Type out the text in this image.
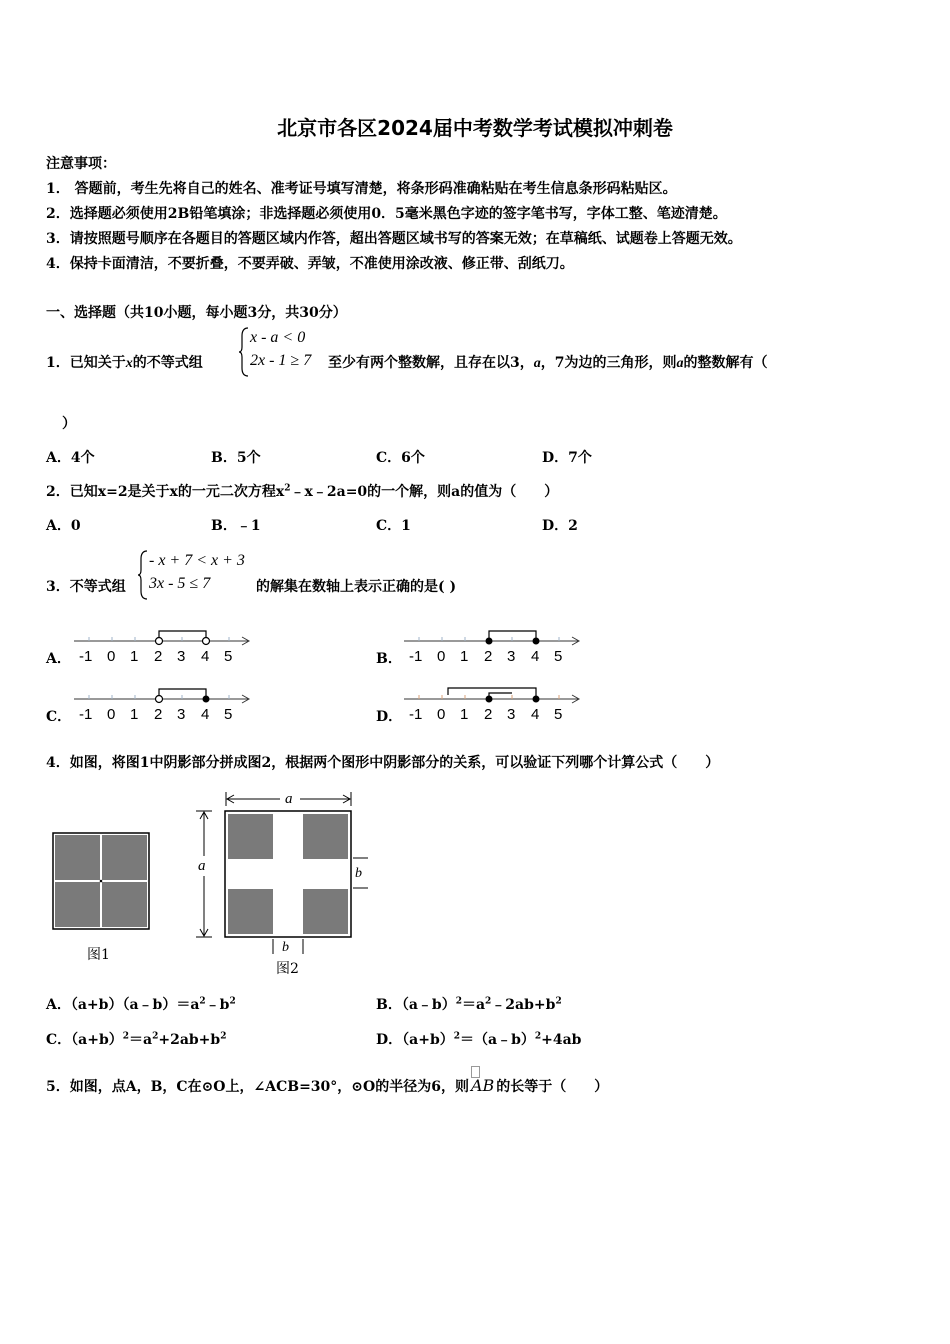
北京市各区2024届中考数学考试模拟冲刺卷
注意事项：
1． 答题前，考生先将自己的姓名、准考证号填写清楚，将条形码准确粘贴在考生信息条形码粘贴区。
2．选择题必须使用2B铅笔填涂；非选择题必须使用0．5毫米黑色字迹的签字笔书写，字体工整、笔迹清楚。
3．请按照题号顺序在各题目的答题区域内作答，超出答题区域书写的答案无效；在草稿纸、试题卷上答题无效。
4．保持卡面清洁，不要折叠，不要弄破、弄皱，不准使用涂改液、修正带、刮纸刀。
一、选择题（共10小题，每小题3分，共30分）
1．已知关于x的不等式组
x - a < 0
2x - 1 ≥ 7 至少有两个整数解，且存在以3，a，7为边的三角形，则a的整数解有（
）
A．4个	B．5个	C．6个	D．7个
2．已知x=2是关于x的一元二次方程$x^2﹣x﹣2a=0$的一个解，则a的值为（　　）
A．0	B．﹣1	C．1	D．2
3．不等式组
- x + 7 < x + 3
3x - 5 ≤ 7	的解集在数轴上表示正确的是( )
A．	B．
C．	D．
-1 0 1 2 3 4 5	-1 0 1 2 3 4 5
-1 0 1 2 3 4 5	-1 0 1 2 3 4 5
4．如图，将图1中阴影部分拼成图2，根据两个图形中阴影部分的关系，可以验证下列哪个计算公式（　　）
图1
a
a	b
b
图2
A．$(a+b)(a﹣b)=a^2﹣b^2$	B．$(a﹣b)^2=a^2﹣2ab+b^2$
C．$(a+b)^2=a^2+2ab+b^2$	D．$(a+b)^2=(a﹣b)^2+4ab$
5．如图，点A，B，C在⊙O上，∠ACB=30°，⊙O的半径为6，则 AB 的长等于（　　）
